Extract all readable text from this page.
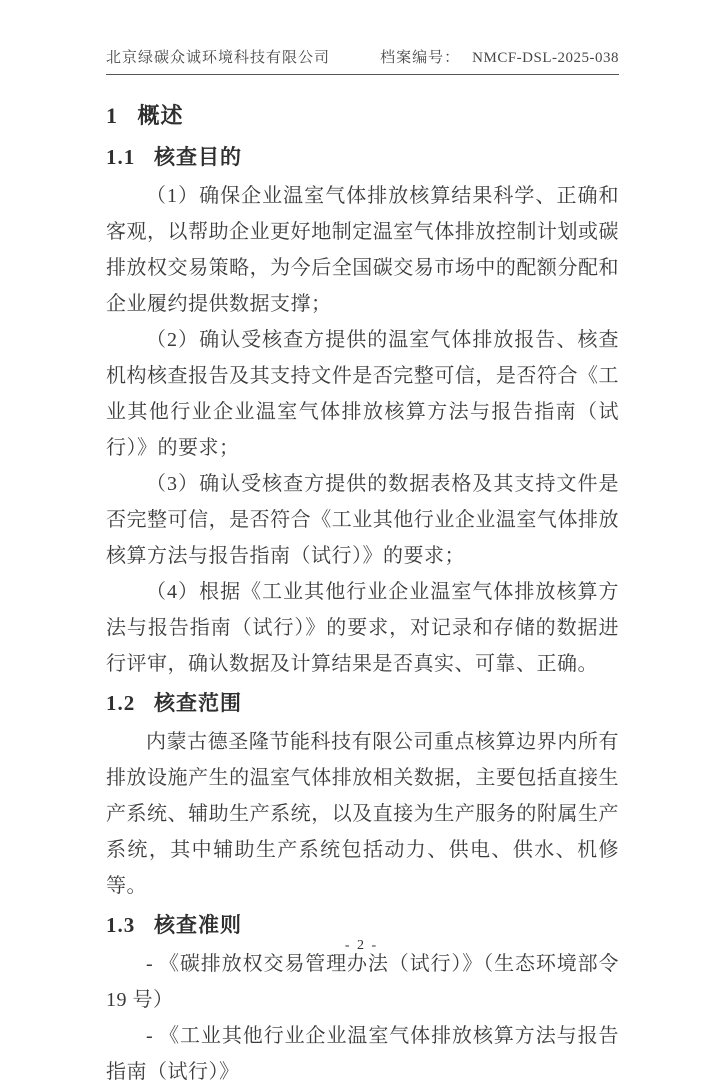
北京绿碳众诚环境科技有限公司	档案编号： NMCF-DSL-2025-038
1   概述
1.1   核查目的

（1）确保企业温室气体排放核算结果科学、正确和客观，以帮助企业更好地制定温室气体排放控制计划或碳排放权交易策略，为今后全国碳交易市场中的配额分配和企业履约提供数据支撑；

（2）确认受核查方提供的温室气体排放报告、核查机构核查报告及其支持文件是否完整可信，是否符合《工业其他行业企业温室气体排放核算方法与报告指南（试行）》的要求；

（3）确认受核查方提供的数据表格及其支持文件是否完整可信，是否符合《工业其他行业企业温室气体排放核算方法与报告指南（试行）》的要求；

（4）根据《工业其他行业企业温室气体排放核算方法与报告指南（试行）》的要求，对记录和存储的数据进行评审，确认数据及计算结果是否真实、可靠、正确。

1.2   核查范围

内蒙古德圣隆节能科技有限公司重点核算边界内所有排放设施产生的温室气体排放相关数据，主要包括直接生产系统、辅助生产系统，以及直接为生产服务的附属生产系统，其中辅助生产系统包括动力、供电、供水、机修等。

1.3   核查准则

- 《碳排放权交易管理办法（试行）》（生态环境部令 19 号）

- 《工业其他行业企业温室气体排放核算方法与报告指南（试行）》

- 2 -
